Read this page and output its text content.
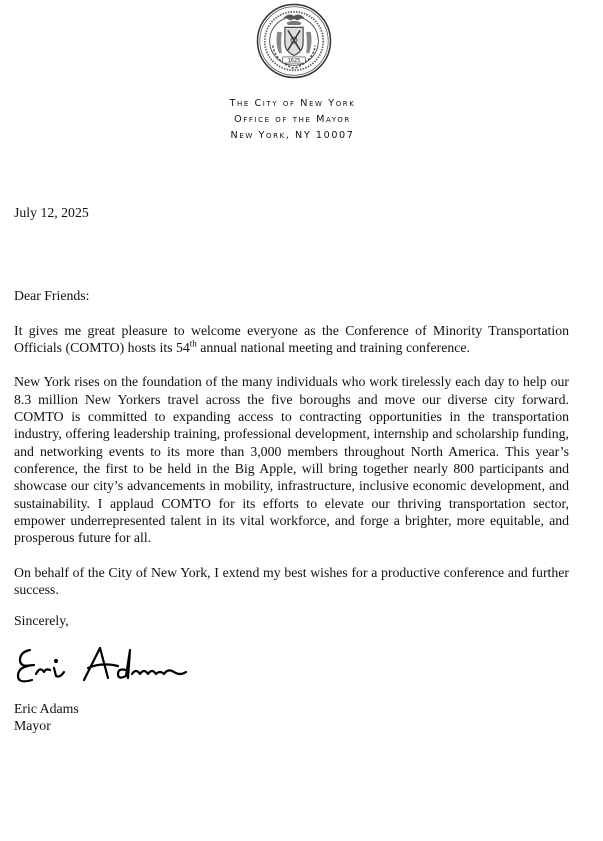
1625
The City of New York
Office of the Mayor
New York, NY 10007
July 12, 2025

Dear Friends:

It gives me great pleasure to welcome everyone as the Conference of Minority Transportation Officials (COMTO) hosts its 54th annual national meeting and training conference.

New York rises on the foundation of the many individuals who work tirelessly each day to help our 8.3 million New Yorkers travel across the five boroughs and move our diverse city forward. COMTO is committed to expanding access to contracting opportunities in the transportation industry, offering leadership training, professional development, internship and scholarship funding, and networking events to its more than 3,000 members throughout North America. This year’s conference, the first to be held in the Big Apple, will bring together nearly 800 participants and showcase our city’s advancements in mobility, infrastructure, inclusive economic development, and sustainability. I applaud COMTO for its efforts to elevate our thriving transportation sector, empower underrepresented talent in its vital workforce, and forge a brighter, more equitable, and prosperous future for all.

On behalf of the City of New York, I extend my best wishes for a productive conference and further success.

Sincerely,
Eric Adams
Mayor
